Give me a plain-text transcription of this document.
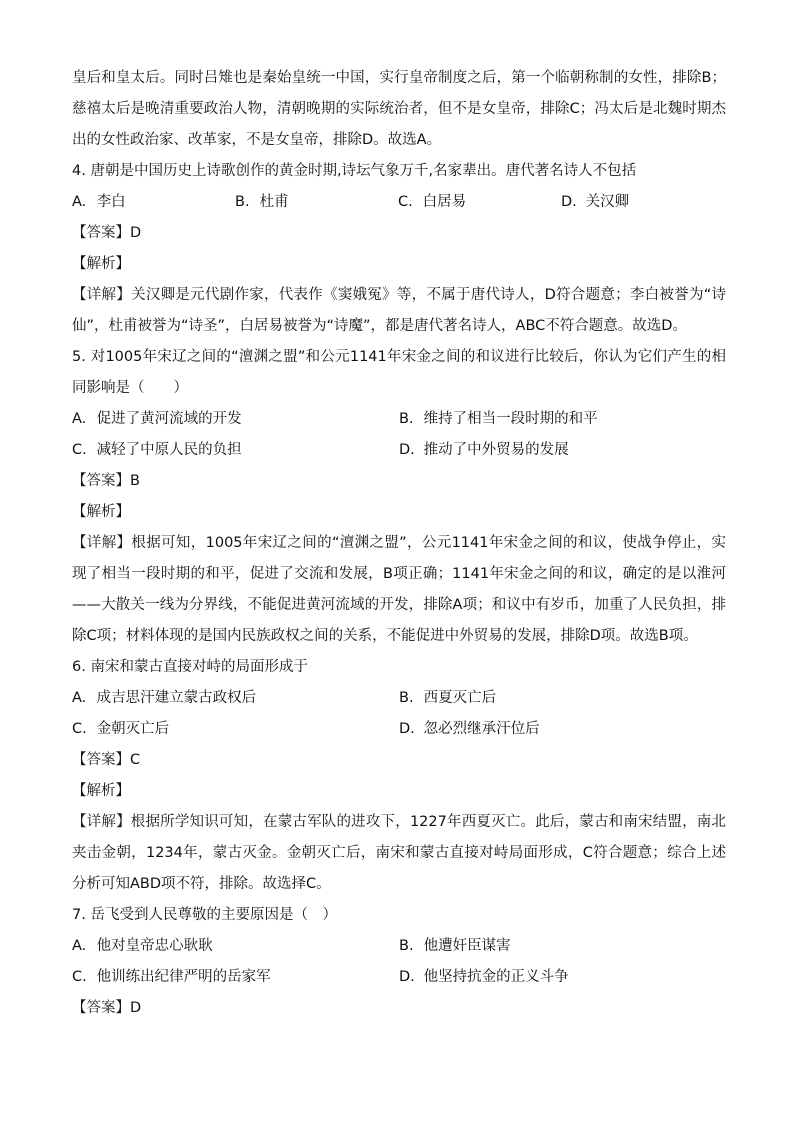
皇后和皇太后。同时吕雉也是秦始皇统一中国，实行皇帝制度之后，第一个临朝称制的女性，排除B；慈禧太后是晚清重要政治人物，清朝晚期的实际统治者，但不是女皇帝，排除C；冯太后是北魏时期杰出的女性政治家、改革家，不是女皇帝，排除D。故选A。
4. 唐朝是中国历史上诗歌创作的黄金时期,诗坛气象万千,名家辈出。唐代著名诗人不包括
A. 李白	B. 杜甫	C. 白居易	D. 关汉卿
【答案】D
【解析】
【详解】关汉卿是元代剧作家，代表作《窦娥冤》等，不属于唐代诗人，D符合题意；李白被誉为“诗仙”，杜甫被誉为“诗圣”，白居易被誉为“诗魔”，都是唐代著名诗人，ABC不符合题意。故选D。
5. 对1005年宋辽之间的“澶渊之盟”和公元1141年宋金之间的和议进行比较后，你认为它们产生的相同影响是（　　）
A. 促进了黄河流域的开发	B. 维持了相当一段时期的和平
C. 减轻了中原人民的负担	D. 推动了中外贸易的发展
【答案】B
【解析】
【详解】根据可知，1005年宋辽之间的“澶渊之盟”，公元1141年宋金之间的和议，使战争停止，实现了相当一段时期的和平，促进了交流和发展，B项正确；1141年宋金之间的和议，确定的是以淮河——大散关一线为分界线，不能促进黄河流域的开发，排除A项；和议中有岁币，加重了人民负担，排除C项；材料体现的是国内民族政权之间的关系，不能促进中外贸易的发展，排除D项。故选B项。
6. 南宋和蒙古直接对峙的局面形成于
A. 成吉思汗建立蒙古政权后	B. 西夏灭亡后
C. 金朝灭亡后	D. 忽必烈继承汗位后
【答案】C
【解析】
【详解】根据所学知识可知，在蒙古军队的进攻下，1227年西夏灭亡。此后，蒙古和南宋结盟，南北夹击金朝，1234年，蒙古灭金。金朝灭亡后，南宋和蒙古直接对峙局面形成，C符合题意；综合上述分析可知ABD项不符，排除。故选择C。
7. 岳飞受到人民尊敬的主要原因是（　）
A. 他对皇帝忠心耿耿	B. 他遭奸臣谋害
C. 他训练出纪律严明的岳家军	D. 他坚持抗金的正义斗争
【答案】D
